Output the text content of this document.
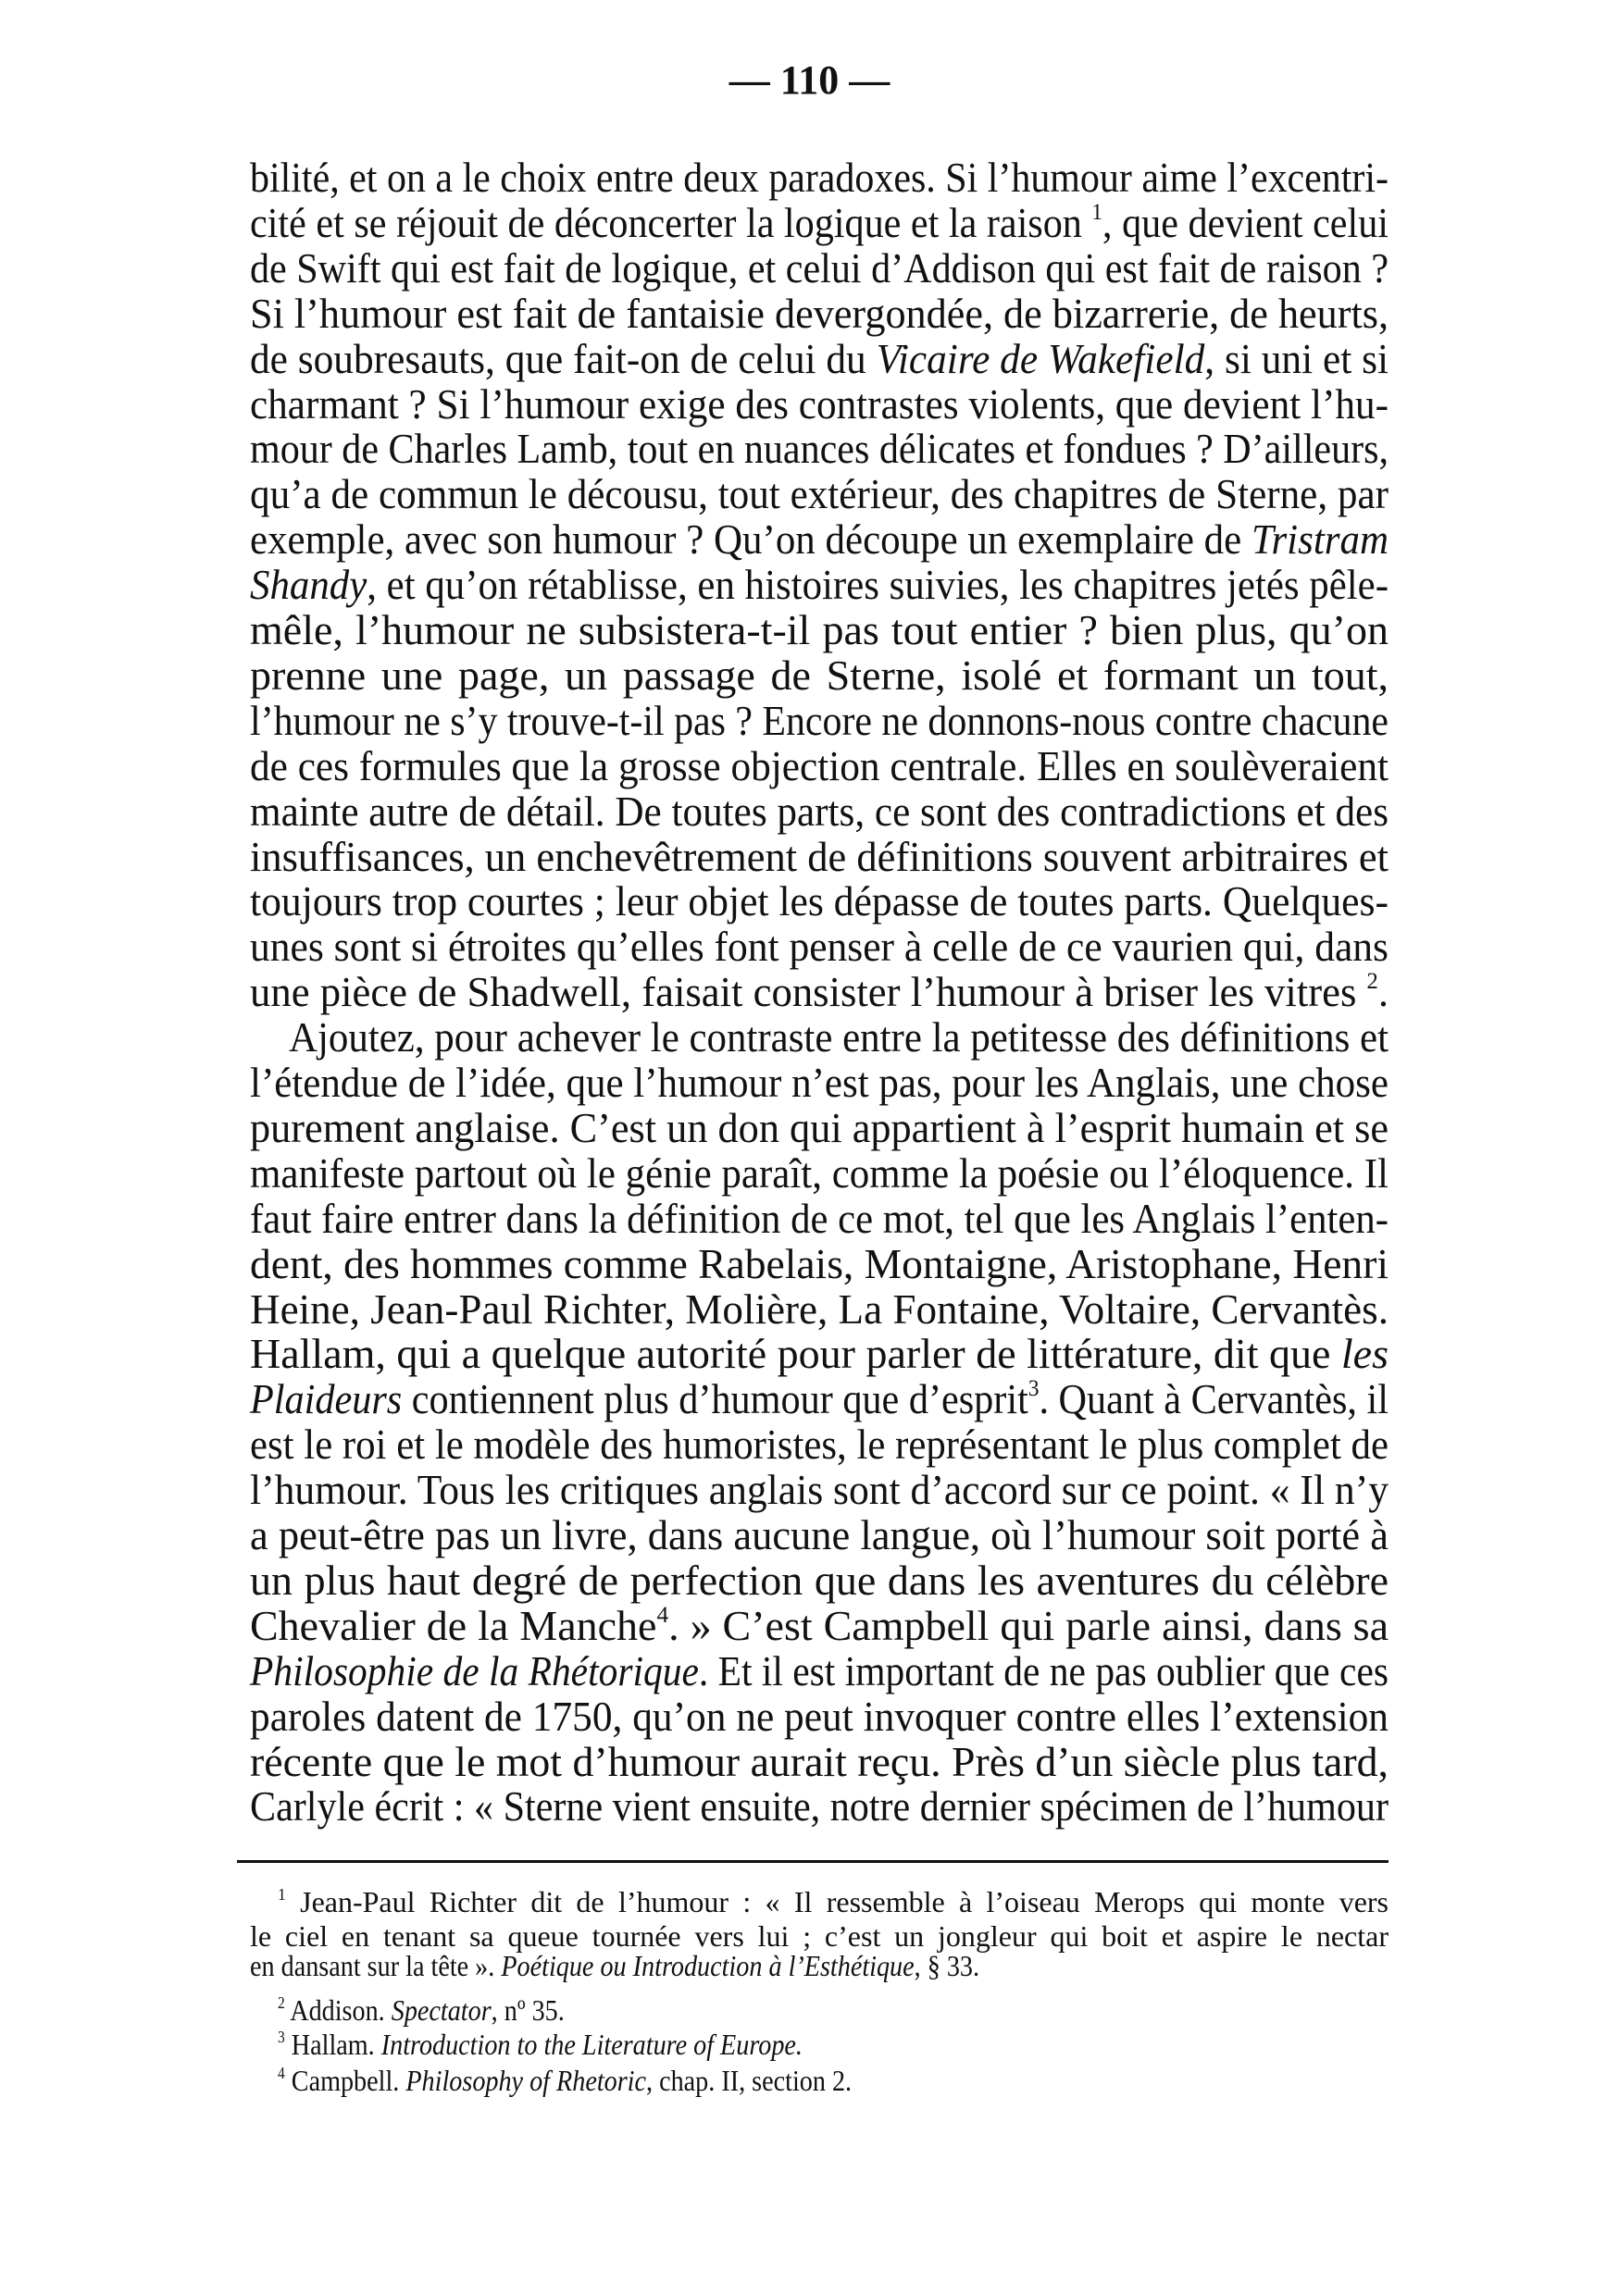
— 110 —
bilité, et on a le choix entre deux paradoxes. Si l’humour aime l’excentri-
cité et se réjouit de déconcerter la logique et la raison $^1$, que devient celui
de Swift qui est fait de logique, et celui d’Addison qui est fait de raison ?
Si l’humour est fait de fantaisie devergondée, de bizarrerie, de heurts,
de soubresauts, que fait-on de celui du Vicaire de Wakefield, si uni et si
charmant ? Si l’humour exige des contrastes violents, que devient l’hu-
mour de Charles Lamb, tout en nuances délicates et fondues ? D’ailleurs,
qu’a de commun le décousu, tout extérieur, des chapitres de Sterne, par
exemple, avec son humour ? Qu’on découpe un exemplaire de Tristram
Shandy, et qu’on rétablisse, en histoires suivies, les chapitres jetés pêle-
mêle, l’humour ne subsistera-t-il pas tout entier ? bien plus, qu’on
prenne une page, un passage de Sterne, isolé et formant un tout,
l’humour ne s’y trouve-t-il pas ? Encore ne donnons-nous contre chacune
de ces formules que la grosse objection centrale. Elles en soulèveraient
mainte autre de détail. De toutes parts, ce sont des contradictions et des
insuffisances, un enchevêtrement de définitions souvent arbitraires et
toujours trop courtes ; leur objet les dépasse de toutes parts. Quelques-
unes sont si étroites qu’elles font penser à celle de ce vaurien qui, dans
une pièce de Shadwell, faisait consister l’humour à briser les vitres $^2$.
Ajoutez, pour achever le contraste entre la petitesse des définitions et
l’étendue de l’idée, que l’humour n’est pas, pour les Anglais, une chose
purement anglaise. C’est un don qui appartient à l’esprit humain et se
manifeste partout où le génie paraît, comme la poésie ou l’éloquence. Il
faut faire entrer dans la définition de ce mot, tel que les Anglais l’enten-
dent, des hommes comme Rabelais, Montaigne, Aristophane, Henri
Heine, Jean-Paul Richter, Molière, La Fontaine, Voltaire, Cervantès.
Hallam, qui a quelque autorité pour parler de littérature, dit que les
Plaideurs contiennent plus d’humour que d’esprit$^3$. Quant à Cervantès, il
est le roi et le modèle des humoristes, le représentant le plus complet de
l’humour. Tous les critiques anglais sont d’accord sur ce point. « Il n’y
a peut-être pas un livre, dans aucune langue, où l’humour soit porté à
un plus haut degré de perfection que dans les aventures du célèbre
Chevalier de la Manche$^4$. » C’est Campbell qui parle ainsi, dans sa
Philosophie de la Rhétorique. Et il est important de ne pas oublier que ces
paroles datent de 1750, qu’on ne peut invoquer contre elles l’extension
récente que le mot d’humour aurait reçu. Près d’un siècle plus tard,
Carlyle écrit : « Sterne vient ensuite, notre dernier spécimen de l’humour
$^1$ Jean-Paul Richter dit de l’humour : « Il ressemble à l’oiseau Merops qui monte vers
le ciel en tenant sa queue tournée vers lui ; c’est un jongleur qui boit et aspire le nectar
en dansant sur la tête ». Poétique ou Introduction à l’Esthétique, § 33.
$^2$ Addison. Spectator, nº 35.
$^3$ Hallam. Introduction to the Literature of Europe.
$^4$ Campbell. Philosophy of Rhetoric, chap. II, section 2.
